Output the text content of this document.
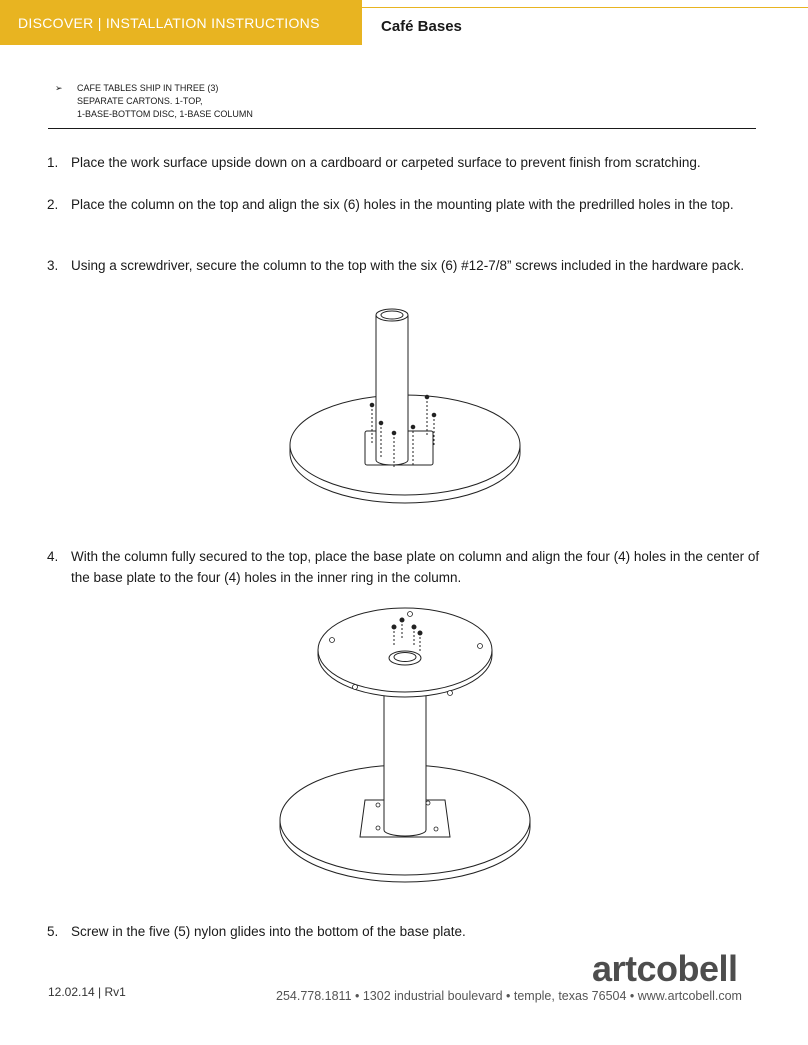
DISCOVER | INSTALLATION INSTRUCTIONS	Café Bases
➢ CAFE TABLES SHIP IN THREE (3)
SEPARATE CARTONS. 1-TOP,
1-BASE-BOTTOM DISC, 1-BASE COLUMN
1. Place the work surface upside down on a cardboard or carpeted surface to prevent finish from scratching.
2. Place the column on the top and align the six (6) holes in the mounting plate with the predrilled holes in the top.
3. Using a screwdriver, secure the column to the top with the six (6) #12-7/8” screws included in the hardware pack.
4. With the column fully secured to the top, place the base plate on column and align the four (4) holes in the center of the base plate to the four (4) holes in the inner ring in the column.
5. Screw in the five (5) nylon glides into the bottom of the base plate.
12.02.14 | Rv1
artcobell
254.778.1811 • 1302 industrial boulevard • temple, texas 76504 • www.artcobell.com
